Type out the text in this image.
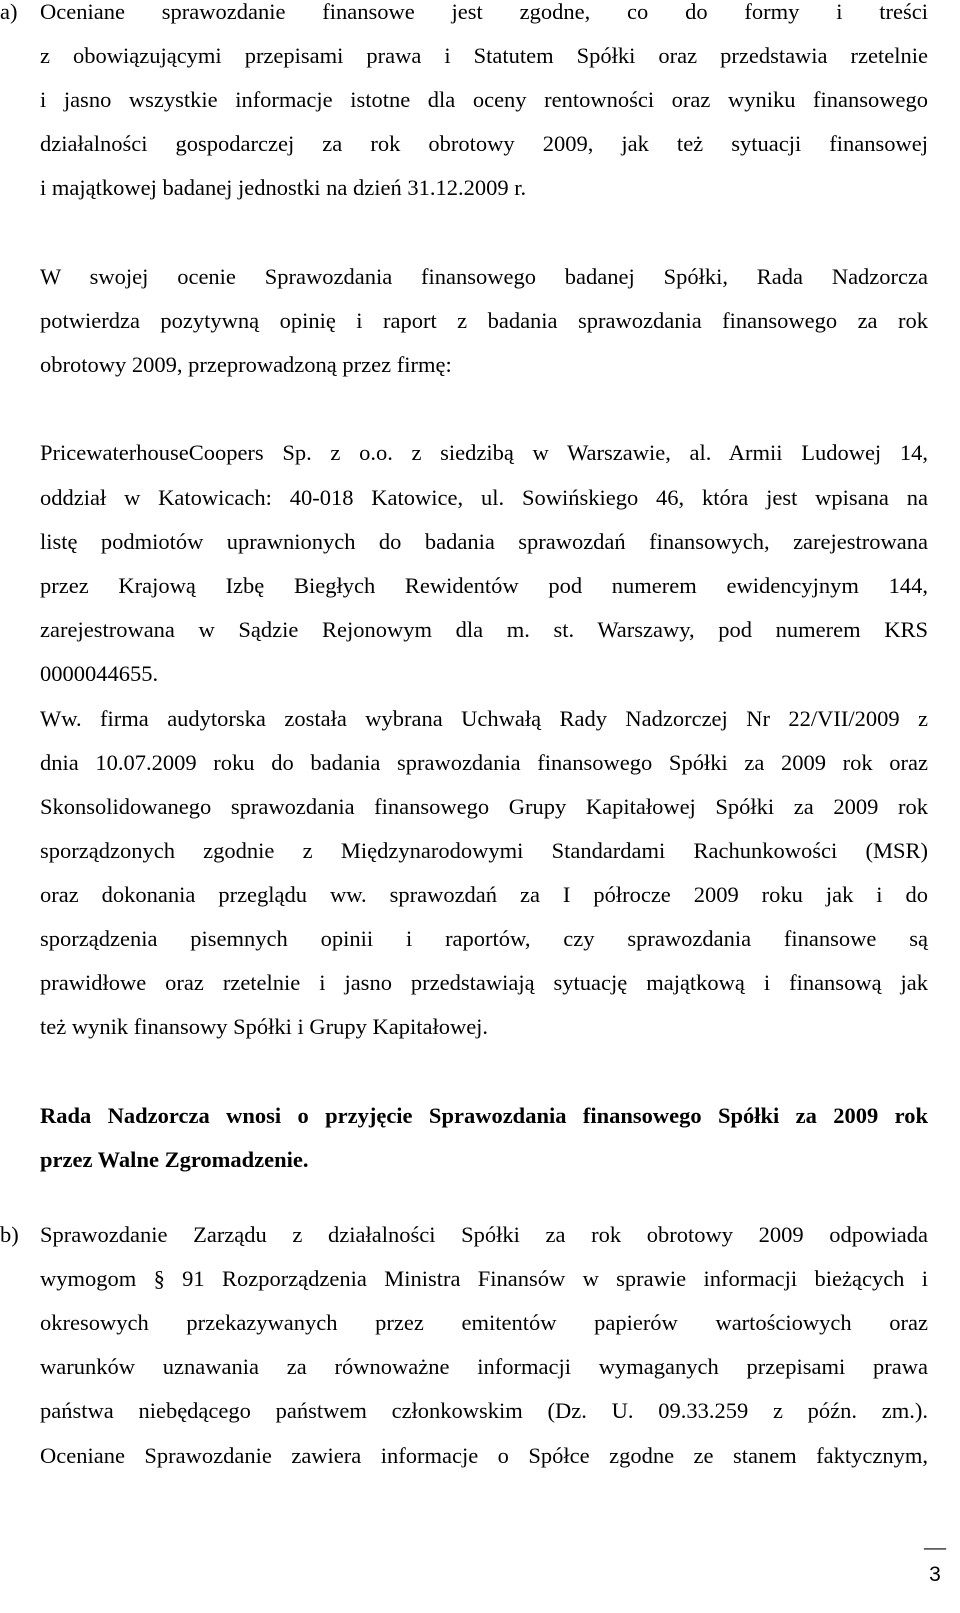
a) Oceniane sprawozdanie finansowe jest zgodne, co do formy i treści

z obowiązującymi przepisami prawa i Statutem Spółki oraz przedstawia rzetelnie

i jasno wszystkie informacje istotne dla oceny rentowności oraz wyniku finansowego

działalności gospodarczej za rok obrotowy 2009, jak też sytuacji finansowej

i majątkowej badanej jednostki na dzień 31.12.2009 r.

W swojej ocenie Sprawozdania finansowego badanej Spółki, Rada Nadzorcza

potwierdza pozytywną opinię i raport z badania sprawozdania finansowego za rok

obrotowy 2009, przeprowadzoną przez firmę:

PricewaterhouseCoopers Sp. z o.o. z siedzibą w Warszawie, al. Armii Ludowej 14,

oddział w Katowicach: 40-018 Katowice, ul. Sowińskiego 46, która jest wpisana na

listę podmiotów uprawnionych do badania sprawozdań finansowych, zarejestrowana

przez Krajową Izbę Biegłych Rewidentów pod numerem ewidencyjnym 144,

zarejestrowana w Sądzie Rejonowym dla m. st. Warszawy, pod numerem KRS

0000044655.

Ww. firma audytorska została wybrana Uchwałą Rady Nadzorczej Nr 22/VII/2009 z

dnia 10.07.2009 roku do badania sprawozdania finansowego Spółki za 2009 rok oraz

Skonsolidowanego sprawozdania finansowego Grupy Kapitałowej Spółki za 2009 rok

sporządzonych zgodnie z Międzynarodowymi Standardami Rachunkowości (MSR)

oraz dokonania przeglądu ww. sprawozdań za I półrocze 2009 roku jak i do

sporządzenia pisemnych opinii i raportów, czy sprawozdania finansowe są

prawidłowe oraz rzetelnie i jasno przedstawiają sytuację majątkową i finansową jak

też wynik finansowy Spółki i Grupy Kapitałowej.

Rada Nadzorcza wnosi o przyjęcie Sprawozdania finansowego Spółki za 2009 rok

przez Walne Zgromadzenie.

b) Sprawozdanie Zarządu z działalności Spółki za rok obrotowy 2009 odpowiada

wymogom § 91 Rozporządzenia Ministra Finansów w sprawie informacji bieżących i

okresowych przekazywanych przez emitentów papierów wartościowych oraz

warunków uznawania za równoważne informacji wymaganych przepisami prawa

państwa niebędącego państwem członkowskim (Dz. U. 09.33.259 z późn. zm.).

Oceniane Sprawozdanie zawiera informacje o Spółce zgodne ze stanem faktycznym,

—
3
